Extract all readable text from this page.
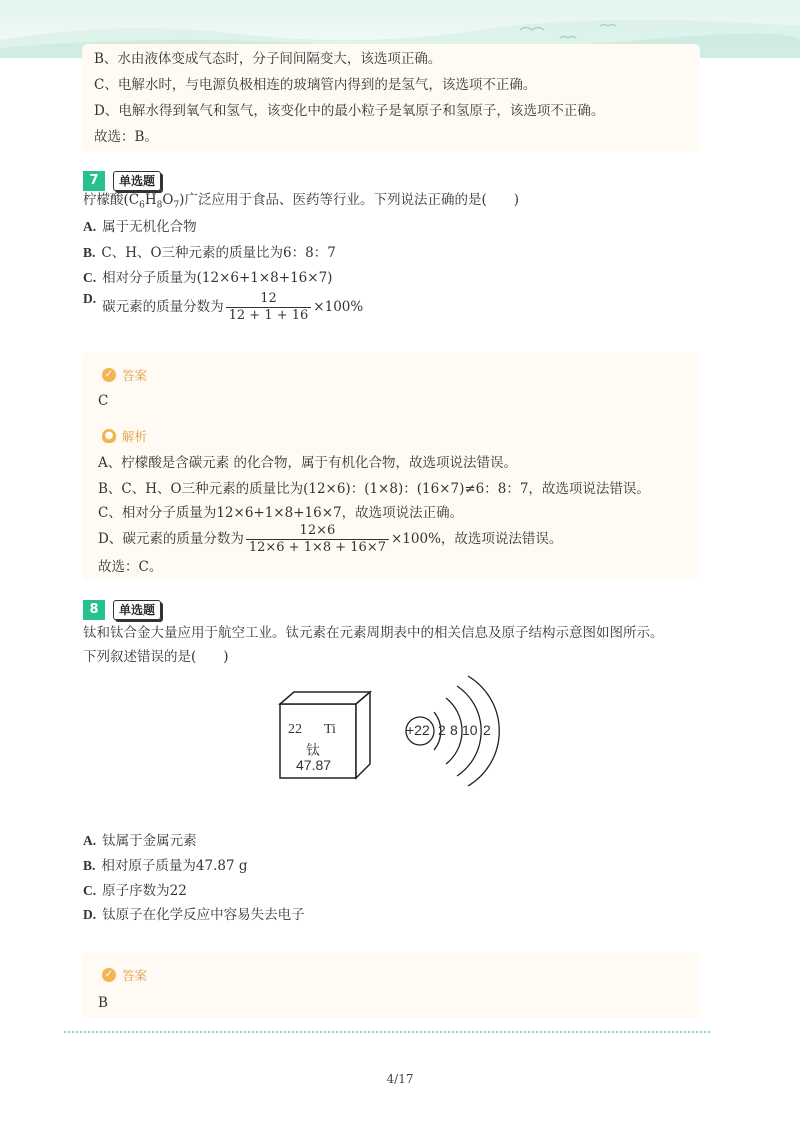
B、水由液体变成气态时，分子间间隔变大，该选项正确。
C、电解水时，与电源负极相连的玻璃管内得到的是氢气，该选项不正确。
D、电解水得到氧气和氢气，该变化中的最小粒子是氧原子和氢原子，该选项不正确。
故选：B。
7	单选题
柠檬酸$(C_6H_8O_7)$广泛应用于食品、医药等行业。下列说法正确的是(　　)
A. 属于无机化合物
B. C、H、O三种元素的质量比为6：8：7
C. 相对分子质量为(12×6+1×8+16×7)
D.碳元素的质量分数为 $\frac{12}{12 + 1 + 16} \times 100\%$
✓ 答案
C
● 解析
A、柠檬酸是含碳元素 的化合物，属于有机化合物，故选项说法错误。
B、C、H、O三种元素的质量比为(12×6)：(1×8)：(16×7)≠6：8：7，故选项说法错误。
C、相对分子质量为12×6+1×8+16×7，故选项说法正确。
D、碳元素的质量分数为 $\frac{12\times 6}{12\times 6 + 1\times 8 + 16\times 7} \times 100\%$，故选项说法错误。
故选：C。
8	单选题
钛和钛合金大量应用于航空工业。钛元素在元素周期表中的相关信息及原子结构示意图如图所示。
下列叙述错误的是(　　)
22 Ti
钛
47.87
+22 2 8 10 2
A. 钛属于金属元素
B. 相对原子质量为47.87 g
C. 原子序数为22
D. 钛原子在化学反应中容易失去电子
✓ 答案
B
4/17
